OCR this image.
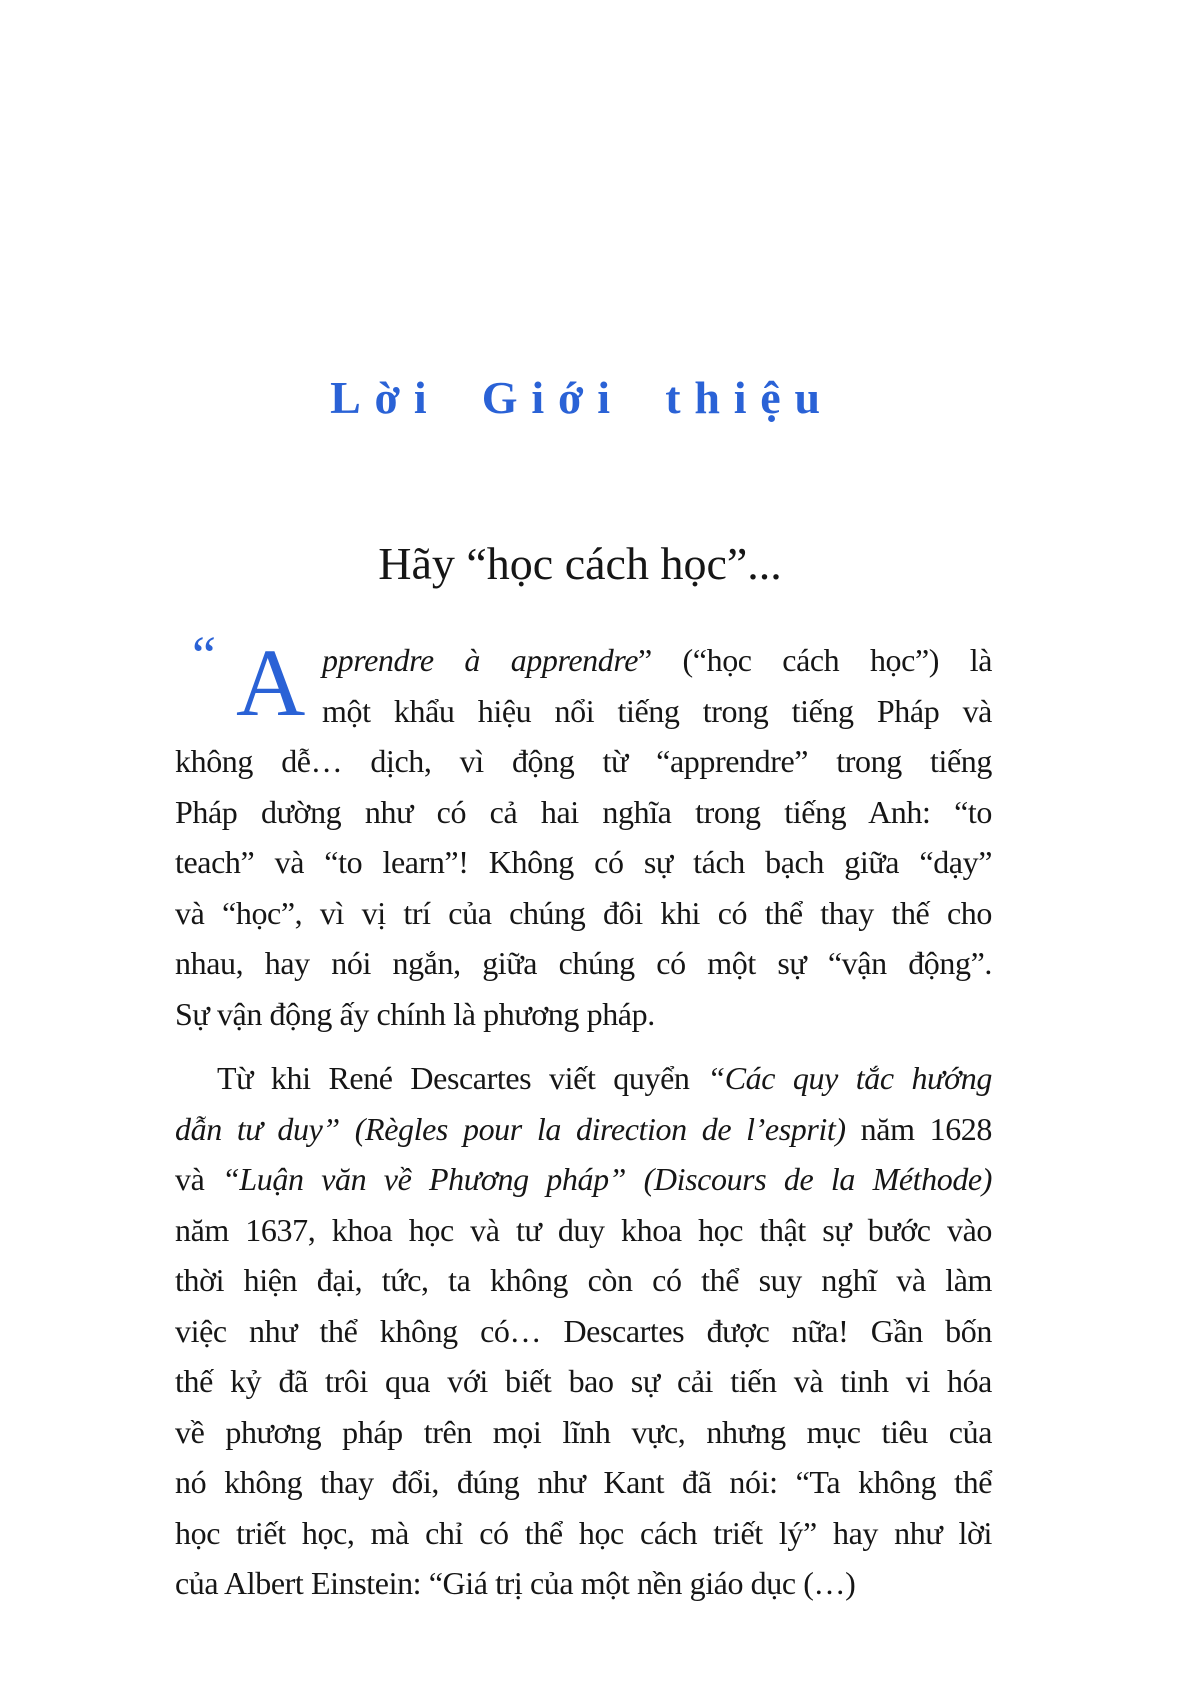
Lời Giới thiệu
Hãy “học cách học”...
“ A pprendre à apprendre” (“học cách học”) là
một khẩu hiệu nổi tiếng trong tiếng Pháp và
không dễ… dịch, vì động từ “apprendre” trong tiếng
Pháp dường như có cả hai nghĩa trong tiếng Anh: “to
teach” và “to learn”! Không có sự tách bạch giữa “dạy”
và “học”, vì vị trí của chúng đôi khi có thể thay thế cho
nhau, hay nói ngắn, giữa chúng có một sự “vận động”.
Sự vận động ấy chính là phương pháp.
Từ khi René Descartes viết quyển “Các quy tắc hướng
dẫn tư duy” (Règles pour la direction de l’esprit) năm 1628
và “Luận văn về Phương pháp” (Discours de la Méthode)
năm 1637, khoa học và tư duy khoa học thật sự bước vào
thời hiện đại, tức, ta không còn có thể suy nghĩ và làm
việc như thể không có… Descartes được nữa! Gần bốn
thế kỷ đã trôi qua với biết bao sự cải tiến và tinh vi hóa
về phương pháp trên mọi lĩnh vực, nhưng mục tiêu của
nó không thay đổi, đúng như Kant đã nói: “Ta không thể
học triết học, mà chỉ có thể học cách triết lý” hay như lời
của Albert Einstein: “Giá trị của một nền giáo dục (…)
